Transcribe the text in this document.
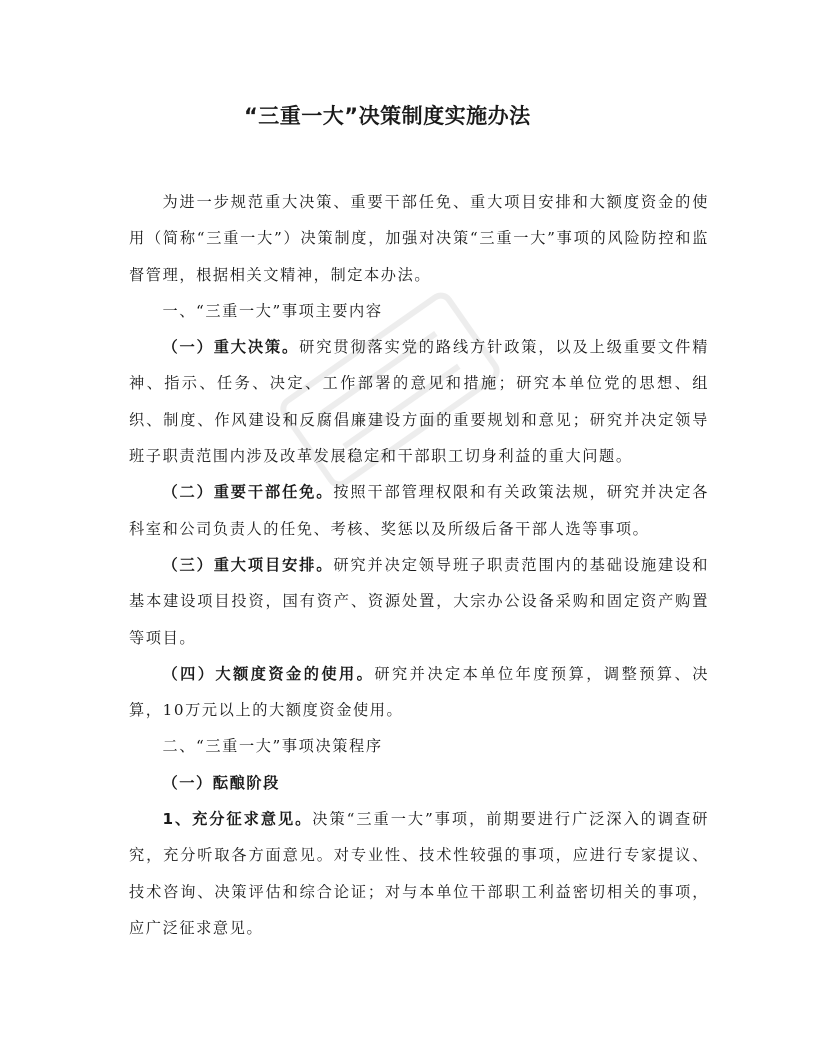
“三重一大”决策制度实施办法

为进一步规范重大决策、重要干部任免、重大项目安排和大额度资金的使用（简称“三重一大”）决策制度，加强对决策“三重一大”事项的风险防控和监督管理，根据相关文精神，制定本办法。

一、“三重一大”事项主要内容

（一）重大决策。研究贯彻落实党的路线方针政策，以及上级重要文件精神、指示、任务、决定、工作部署的意见和措施；研究本单位党的思想、组织、制度、作风建设和反腐倡廉建设方面的重要规划和意见；研究并决定领导班子职责范围内涉及改革发展稳定和干部职工切身利益的重大问题。

（二）重要干部任免。按照干部管理权限和有关政策法规，研究并决定各科室和公司负责人的任免、考核、奖惩以及所级后备干部人选等事项。

（三）重大项目安排。研究并决定领导班子职责范围内的基础设施建设和基本建设项目投资，国有资产、资源处置，大宗办公设备采购和固定资产购置等项目。

（四）大额度资金的使用。研究并决定本单位年度预算，调整预算、决算，10万元以上的大额度资金使用。

二、“三重一大”事项决策程序

（一）酝酿阶段

1、充分征求意见。决策“三重一大”事项，前期要进行广泛深入的调查研究，充分听取各方面意见。对专业性、技术性较强的事项，应进行专家提议、技术咨询、决策评估和综合论证；对与本单位干部职工利益密切相关的事项，应广泛征求意见。
